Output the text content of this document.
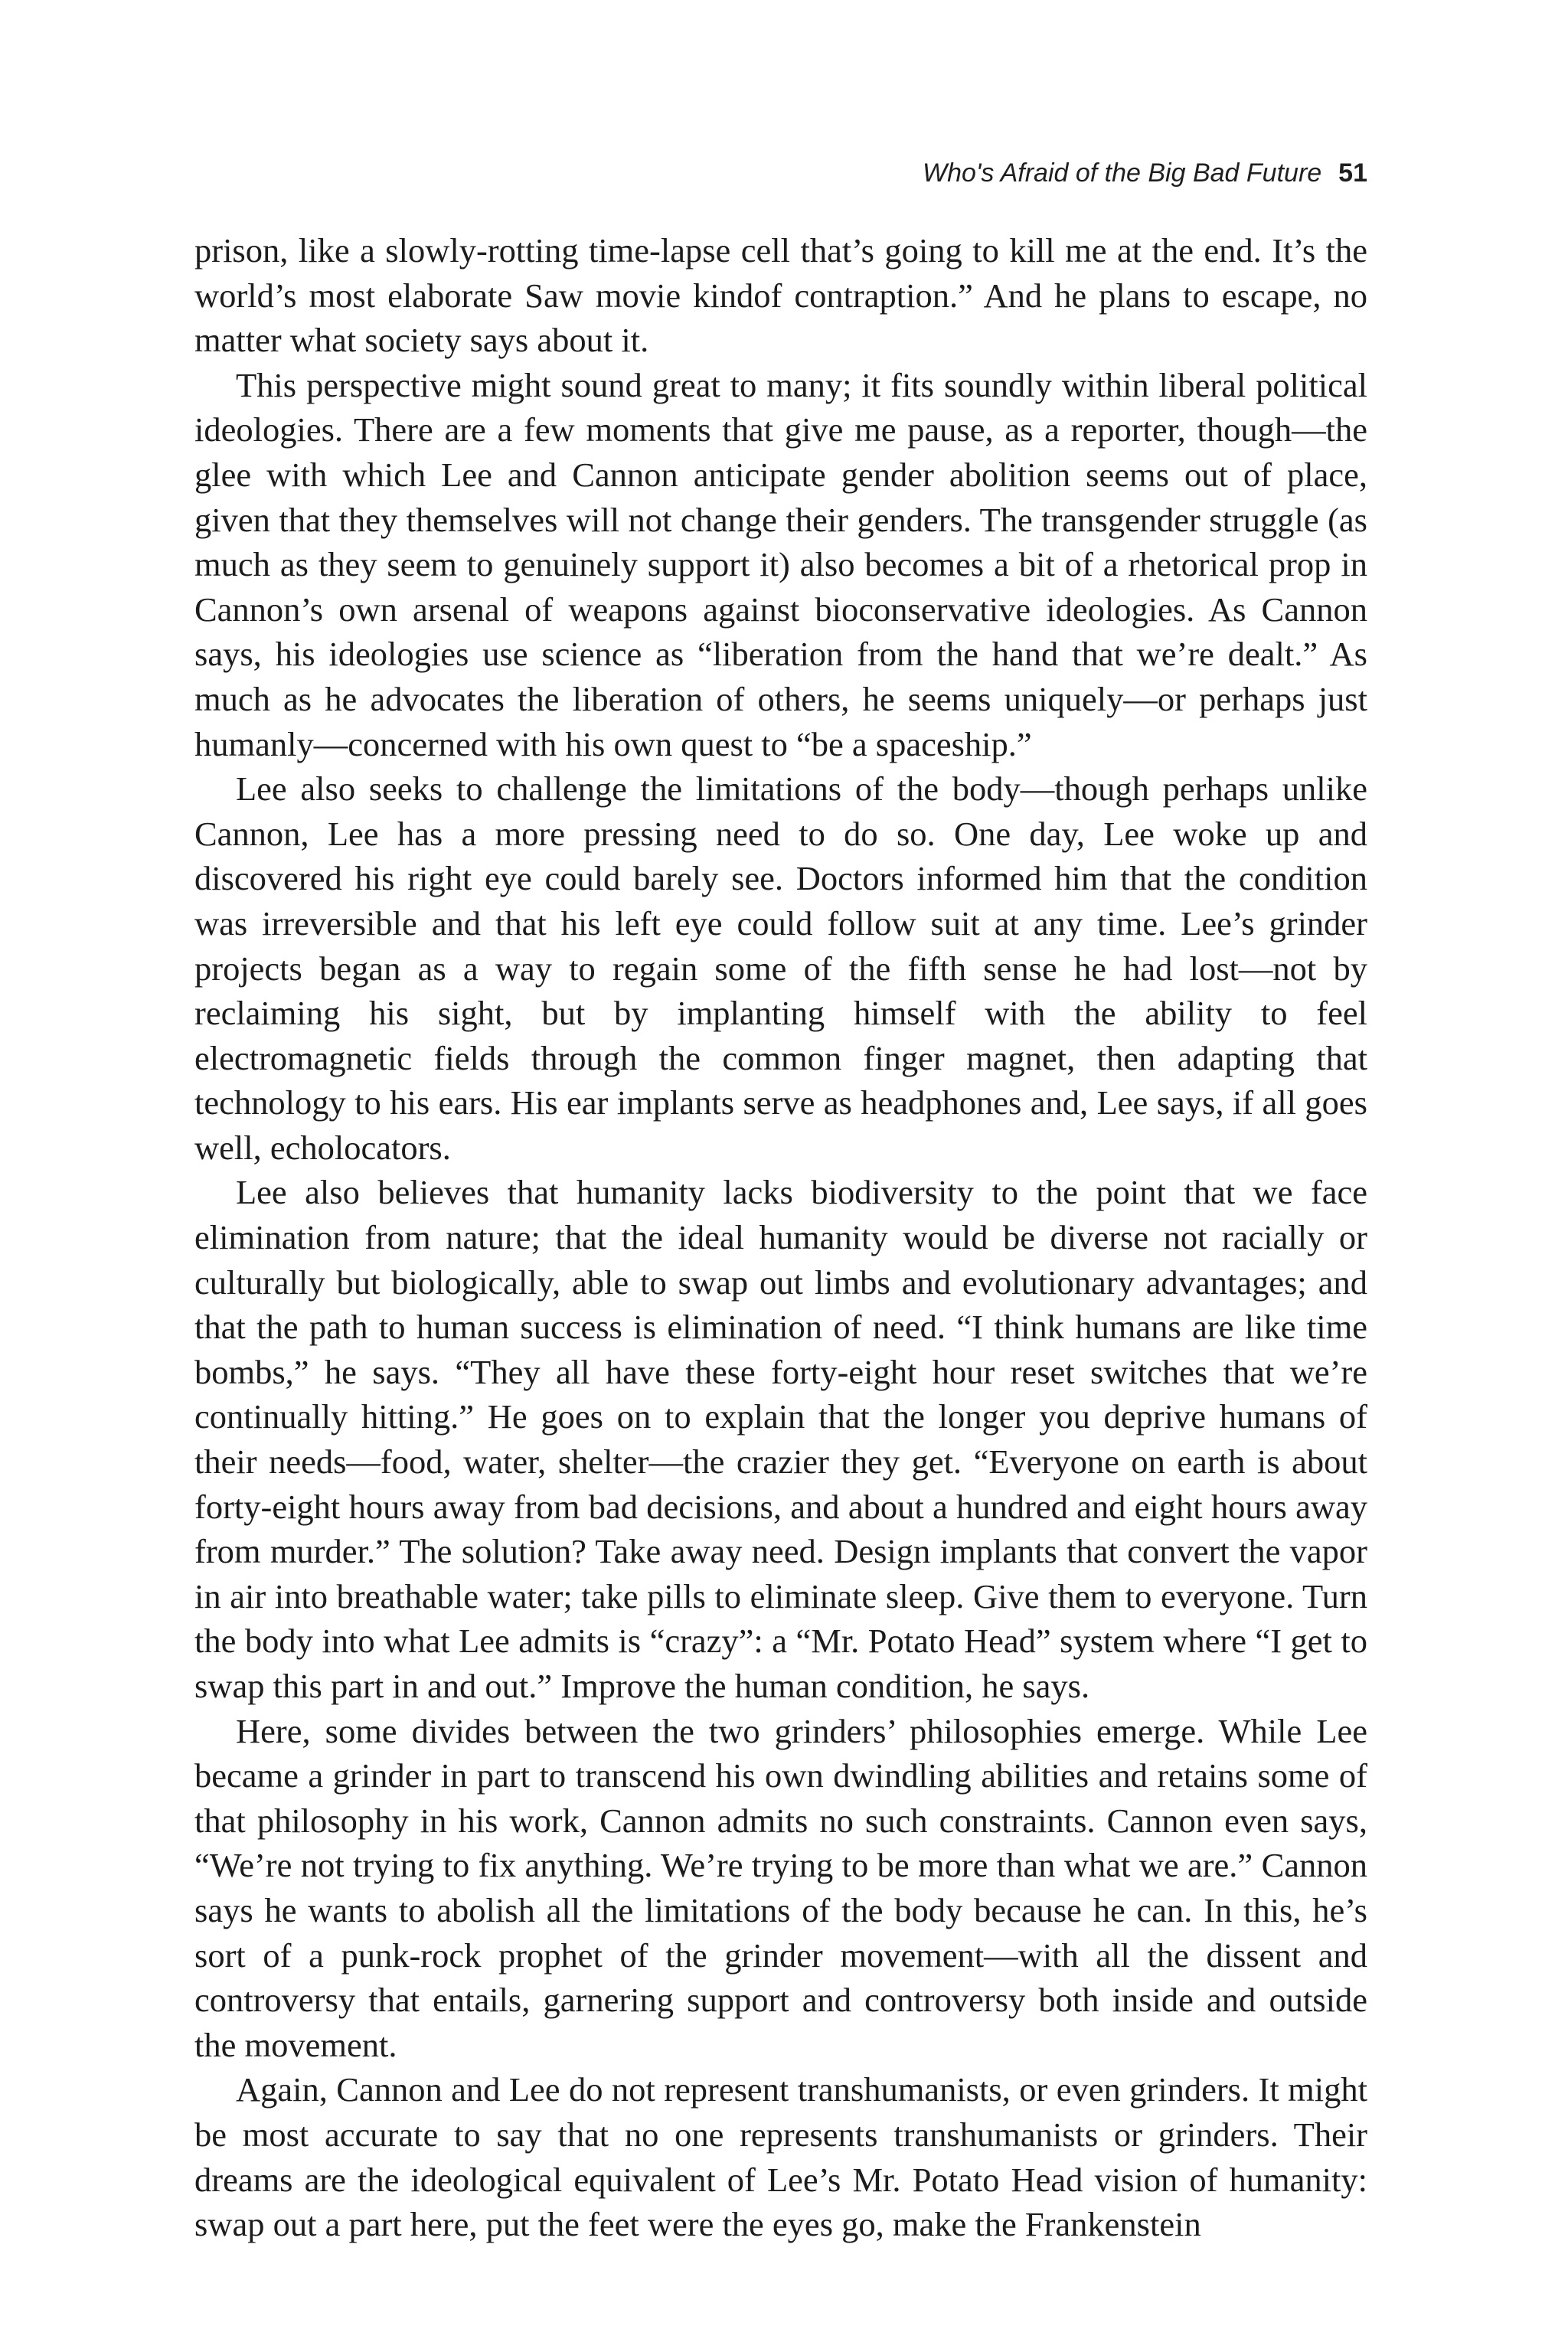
Who's Afraid of the Big Bad Future 51

prison, like a slowly-rotting time-lapse cell that’s going to kill me at the end. It’s the world’s most elaborate Saw movie kindof contraption.” And he plans to escape, no matter what society says about it.

This perspective might sound great to many; it fits soundly within liberal political ideologies. There are a few moments that give me pause, as a reporter, though—the glee with which Lee and Cannon anticipate gender abolition seems out of place, given that they themselves will not change their genders. The transgender struggle (as much as they seem to genuinely support it) also becomes a bit of a rhetorical prop in Cannon’s own arsenal of weapons against bioconservative ideologies. As Cannon says, his ideologies use science as “liberation from the hand that we’re dealt.” As much as he advocates the liberation of others, he seems uniquely—or perhaps just humanly—concerned with his own quest to “be a spaceship.”

Lee also seeks to challenge the limitations of the body—though perhaps unlike Cannon, Lee has a more pressing need to do so. One day, Lee woke up and discovered his right eye could barely see. Doctors informed him that the condition was irreversible and that his left eye could follow suit at any time. Lee’s grinder projects began as a way to regain some of the fifth sense he had lost—not by reclaiming his sight, but by implanting himself with the ability to feel electromagnetic fields through the common finger magnet, then adapting that technology to his ears. His ear implants serve as headphones and, Lee says, if all goes well, echolocators.

Lee also believes that humanity lacks biodiversity to the point that we face elimination from nature; that the ideal humanity would be diverse not racially or culturally but biologically, able to swap out limbs and evolutionary advantages; and that the path to human success is elimination of need. “I think humans are like time bombs,” he says. “They all have these forty-eight hour reset switches that we’re continually hitting.” He goes on to explain that the longer you deprive humans of their needs—food, water, shelter—the crazier they get. “Everyone on earth is about forty-eight hours away from bad decisions, and about a hundred and eight hours away from murder.” The solution? Take away need. Design implants that convert the vapor in air into breathable water; take pills to eliminate sleep. Give them to everyone. Turn the body into what Lee admits is “crazy”: a “Mr. Potato Head” system where “I get to swap this part in and out.” Improve the human condition, he says.

Here, some divides between the two grinders’ philosophies emerge. While Lee became a grinder in part to transcend his own dwindling abilities and retains some of that philosophy in his work, Cannon admits no such constraints. Cannon even says, “We’re not trying to fix anything. We’re trying to be more than what we are.” Cannon says he wants to abolish all the limitations of the body because he can. In this, he’s sort of a punk-rock prophet of the grinder movement—with all the dissent and controversy that entails, garnering support and controversy both inside and outside the movement.

Again, Cannon and Lee do not represent transhumanists, or even grinders. It might be most accurate to say that no one represents transhumanists or grinders. Their dreams are the ideological equivalent of Lee’s Mr. Potato Head vision of humanity: swap out a part here, put the feet were the eyes go, make the Frankenstein
